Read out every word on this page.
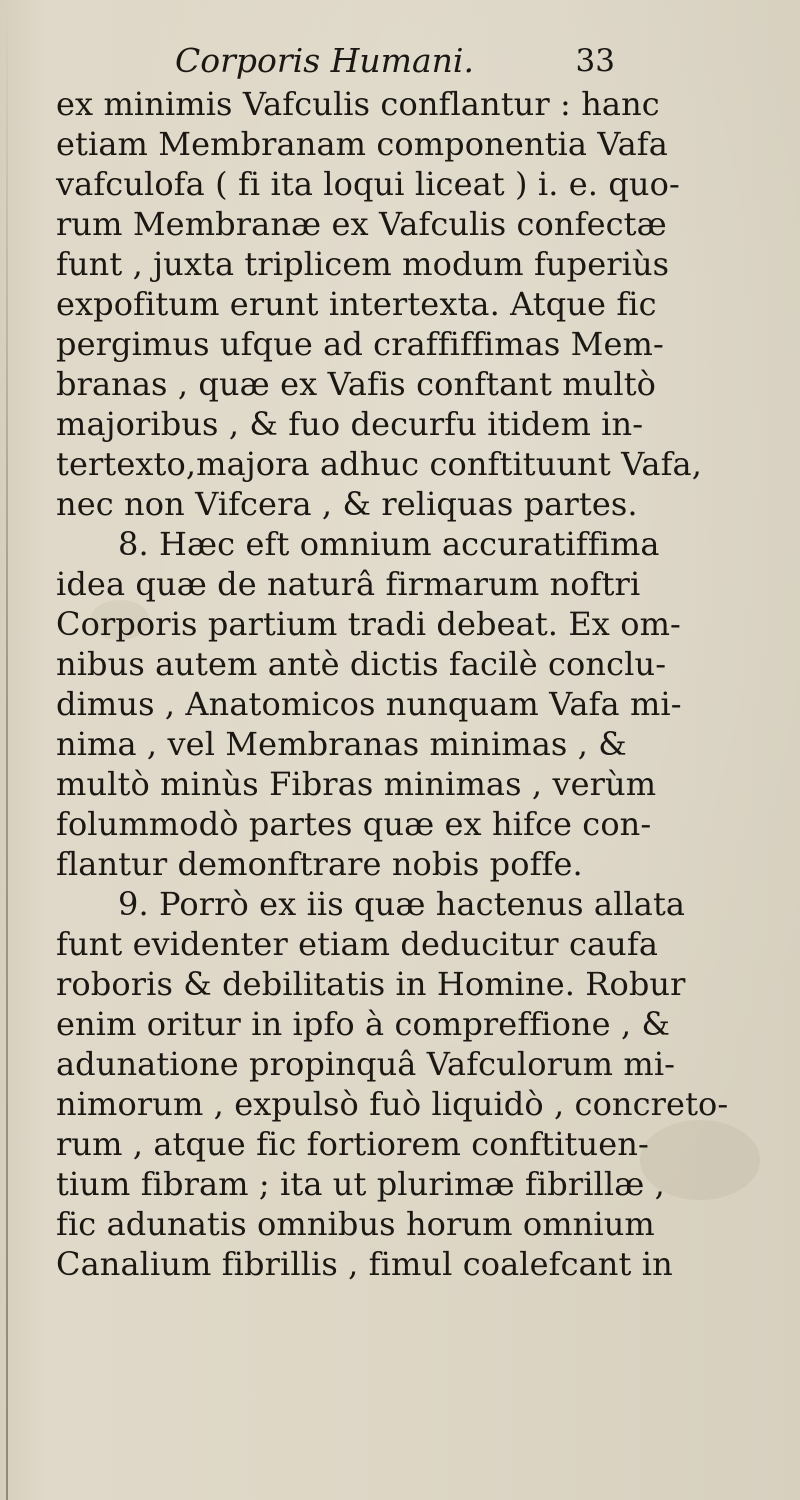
Corporis Humani.	33
ex minimis Vafculis conflantur : hanc
etiam Membranam componentia Vafa
vafculofa ( fi ita loqui liceat ) i. e. quo-
rum Membranæ ex Vafculis confectæ
funt , juxta triplicem modum fuperiùs
expofitum erunt intertexta. Atque fic
pergimus ufque ad craffiffimas Mem-
branas , quæ ex Vafis conftant multò
majoribus , & fuo decurfu itidem in-
tertexto,majora adhuc conftituunt Vafa,
nec non Vifcera , & reliquas partes.
8. Hæc eft omnium accuratiffima
idea quæ de naturâ firmarum noftri
Corporis partium tradi debeat. Ex om-
nibus autem antè dictis facilè conclu-
dimus , Anatomicos nunquam Vafa mi-
nima , vel Membranas minimas , &
multò minùs Fibras minimas , verùm
folummodò partes quæ ex hifce con-
flantur demonftrare nobis poffe.
9. Porrò ex iis quæ hactenus allata
funt evidenter etiam deducitur caufa
roboris & debilitatis in Homine. Robur
enim oritur in ipfo à compreffione , &
adunatione propinquâ Vafculorum mi-
nimorum , expulsò fuò liquidò , concreto-
rum , atque fic fortiorem conftituen-
tium fibram ; ita ut plurimæ fibrillæ ,
fic adunatis omnibus horum omnium
Canalium fibrillis , fimul coalefcant in
